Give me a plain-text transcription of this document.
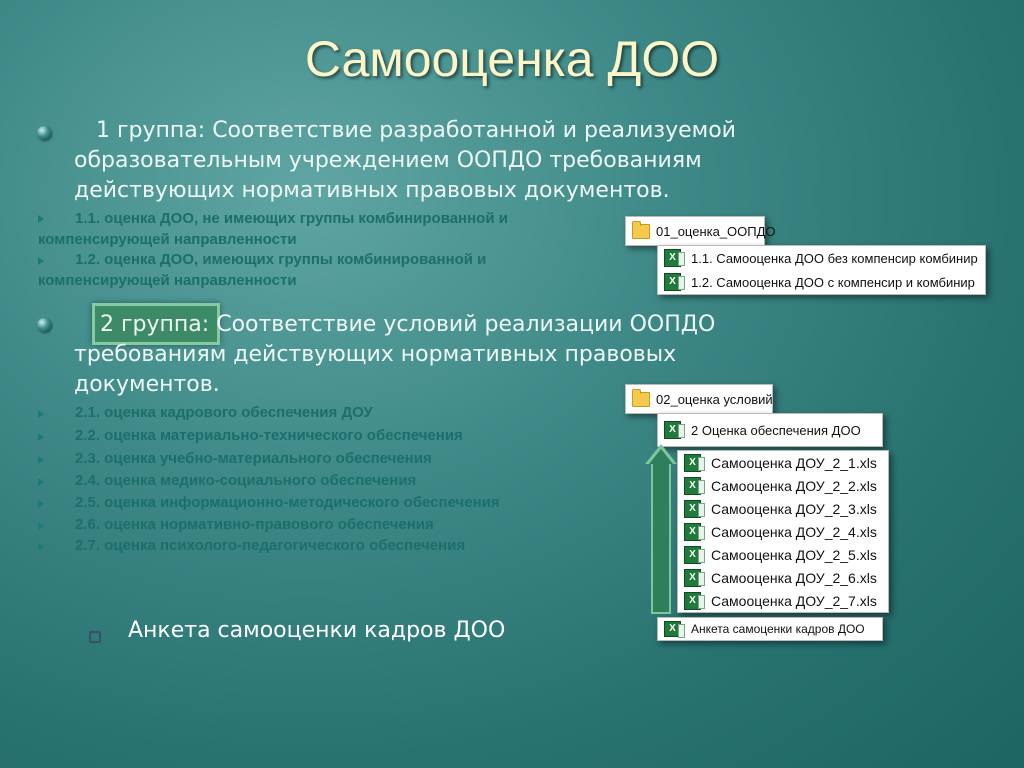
Самооценка ДОО
1 группа: Соответствие разработанной и реализуемой
образовательным учреждением ООПДО требованиям
действующих нормативных правовых документов.
1.1. оценка ДОО, не имеющих группы комбинированной и
компенсирующей направленности
1.2. оценка ДОО, имеющих группы комбинированной и
компенсирующей направленности
2 группа: Соответствие условий реализации ООПДО
требованиям действующих нормативных правовых
документов.
2.1. оценка кадрового обеспечения ДОУ
2.2. оценка материально-технического обеспечения
2.3. оценка учебно-материального обеспечения
2.4. оценка медико-социального обеспечения
2.5. оценка информационно-методического обеспечения
2.6. оценка нормативно-правового обеспечения
2.7. оценка психолого-педагогического обеспечения
Анкета самооценки кадров ДОО
01_оценка_ООПДО
X	1.1. Самооценка ДОО без компенсир комбинир
X	1.2. Самооценка ДОО с компенсир и комбинир
02_оценка условий
X	2 Оценка обеспечения ДОО
X	Самооценка ДОУ_2_1.xls
X	Самооценка ДОУ_2_2.xls
X	Самооценка ДОУ_2_3.xls
X	Самооценка ДОУ_2_4.xls
X	Самооценка ДОУ_2_5.xls
X	Самооценка ДОУ_2_6.xls
X	Самооценка ДОУ_2_7.xls
X	Анкета самоценки кадров ДОО
